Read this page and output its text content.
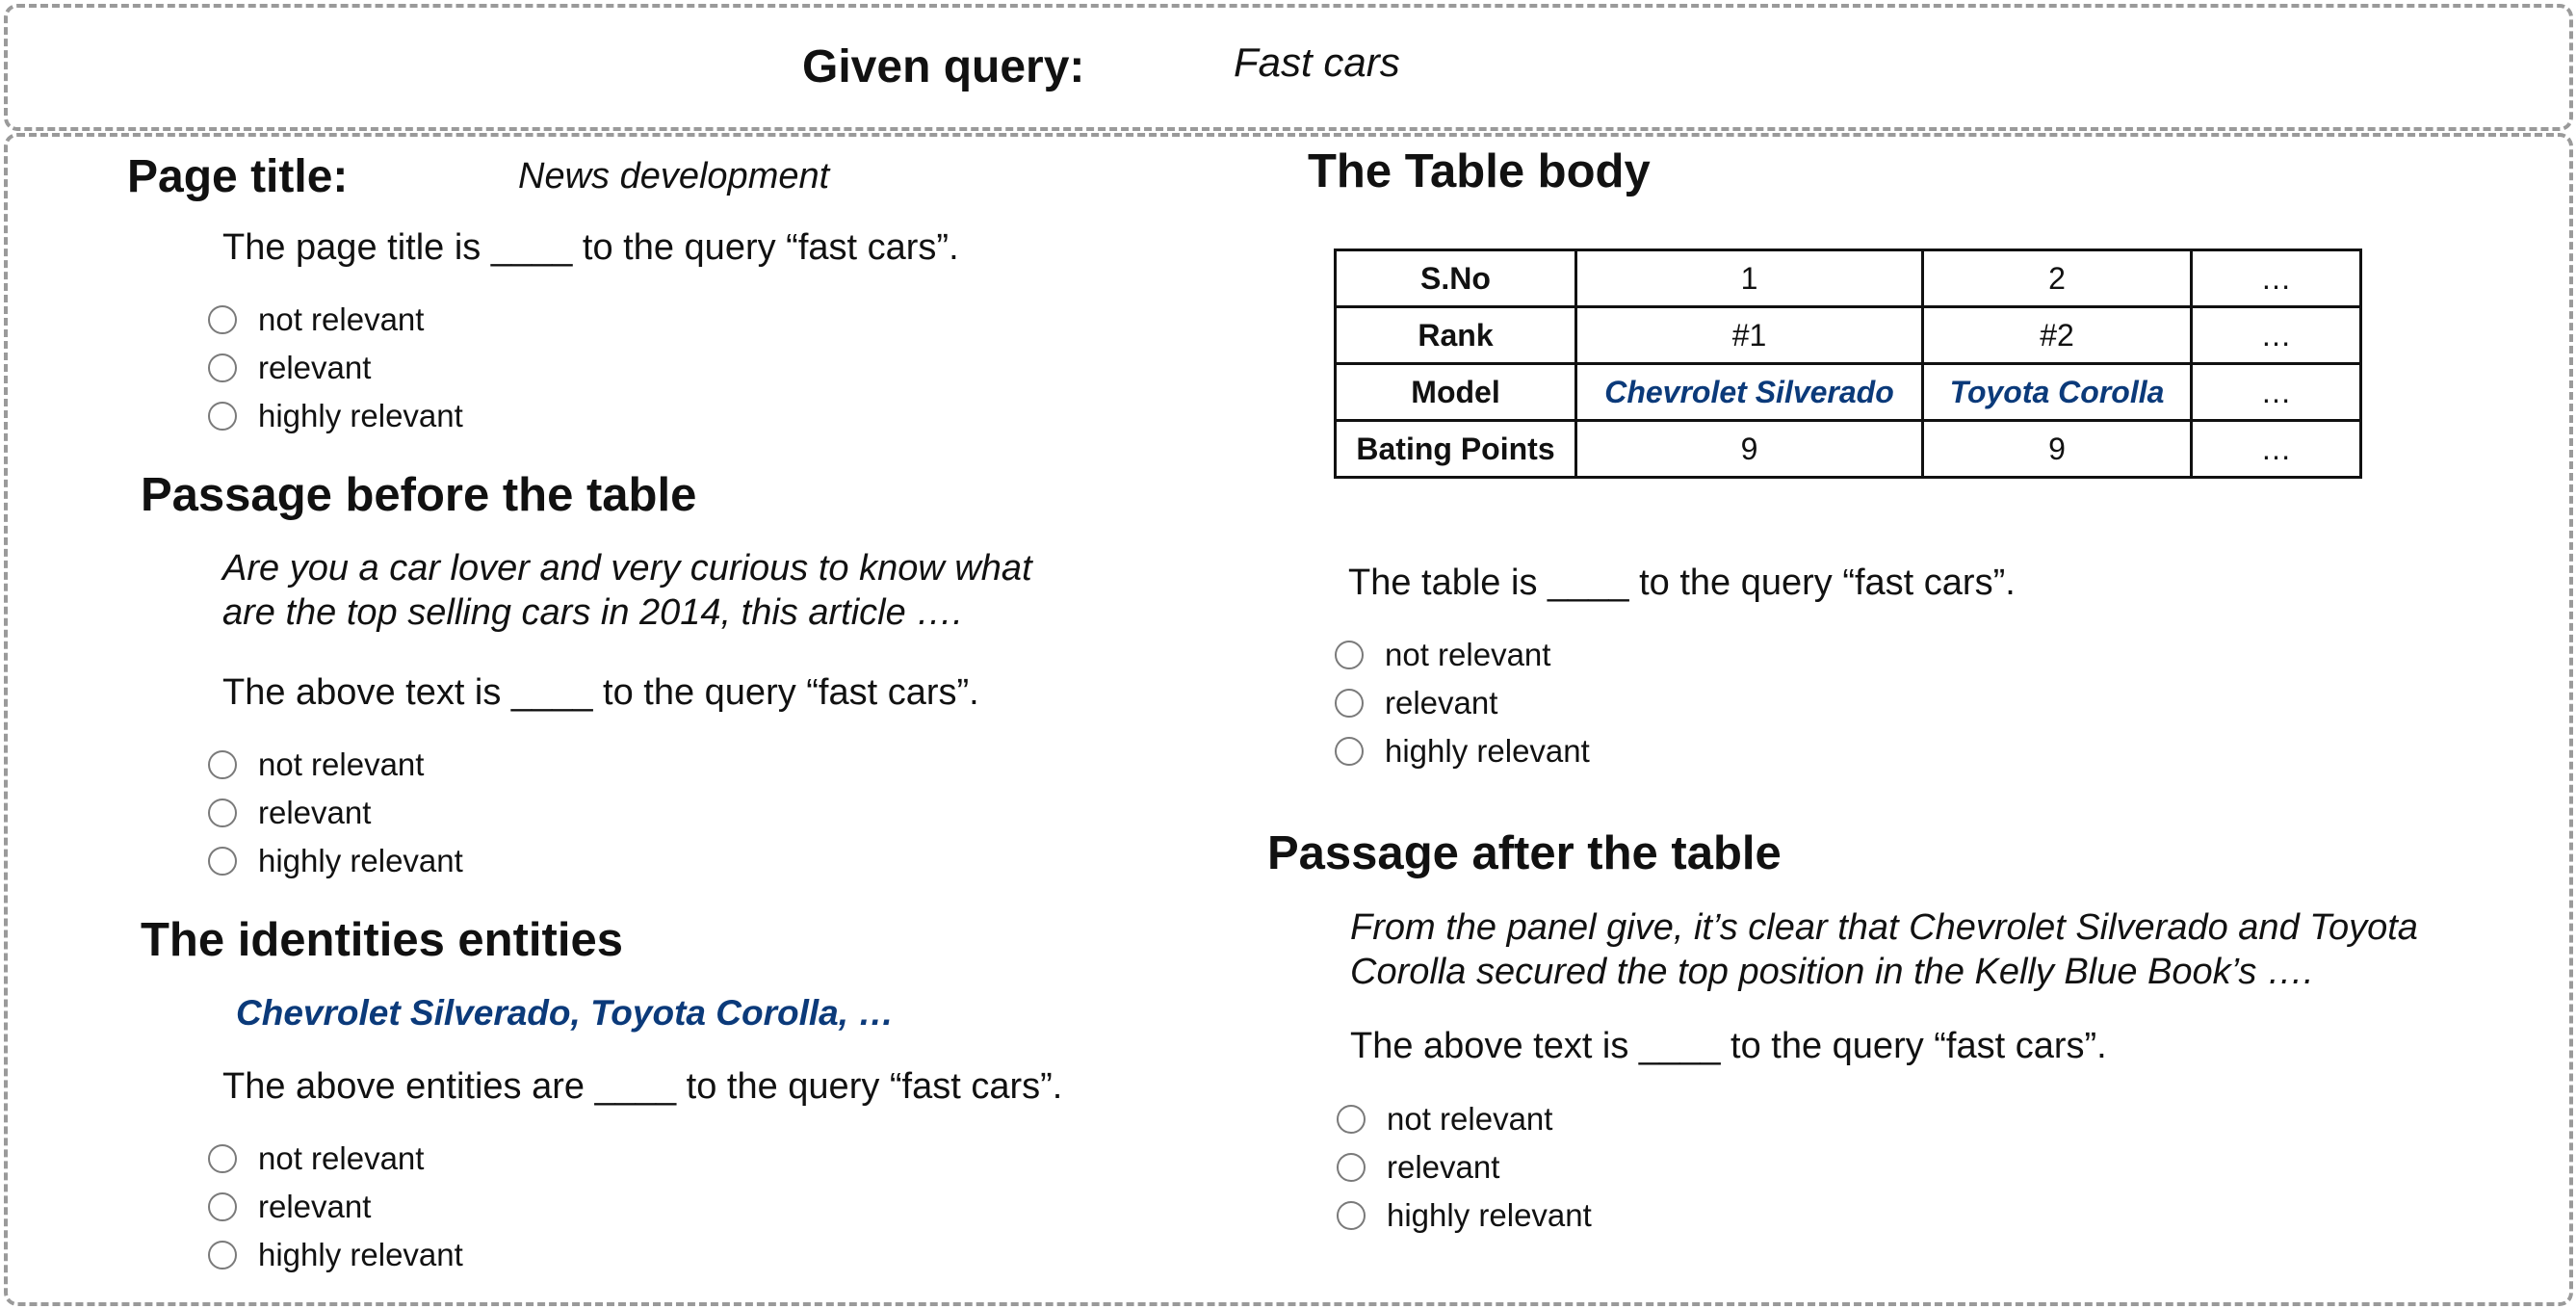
Given query:	Fast cars
Page title:	News development
The page title is ____ to the query “fast cars”.
not relevant
relevant
highly relevant
Passage before the table
Are you a car lover and very curious to know what
are the top selling cars in 2014, this article ….
The above text is ____ to the query “fast cars”.
not relevant
relevant
highly relevant
The identities entities
Chevrolet Silverado, Toyota Corolla, …
The above entities are ____ to the query “fast cars”.
not relevant
relevant
highly relevant
The Table body
S.No	1	2	…
Rank	#1	#2	…
Model	Chevrolet Silverado	Toyota Corolla	…
Bating Points	9	9	…
The table is ____ to the query “fast cars”.
not relevant
relevant
highly relevant
Passage after the table
From the panel give, it’s clear that Chevrolet Silverado and Toyota
Corolla secured the top position in the Kelly Blue Book’s ….
The above text is ____ to the query “fast cars”.
not relevant
relevant
highly relevant
